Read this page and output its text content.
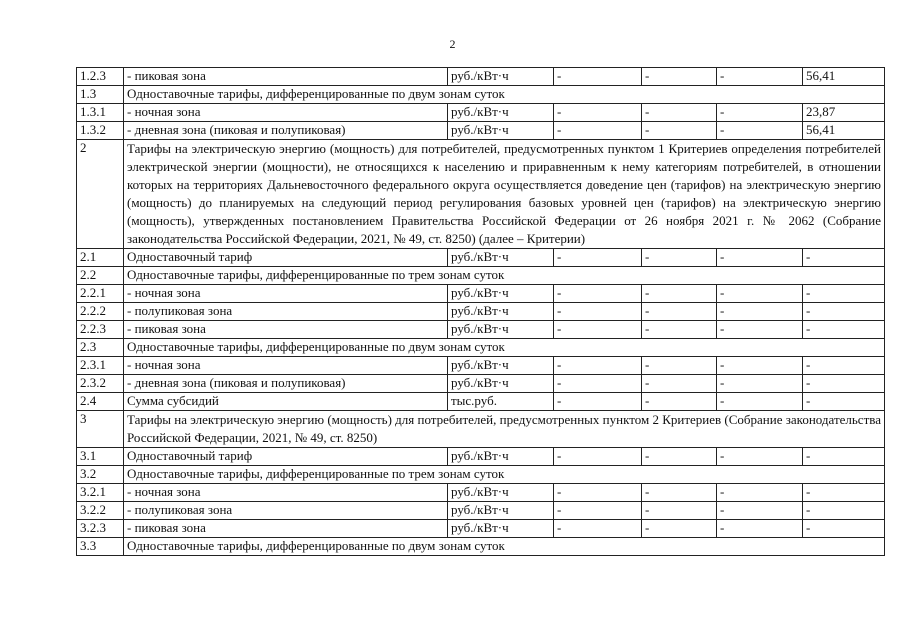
2
1.2.3	- пиковая зона	руб./кВт·ч	-	-	-	56,41
1.3	Одноставочные тарифы, дифференцированные по двум зонам суток					
1.3.1	- ночная зона	руб./кВт·ч	-	-	-	23,87
1.3.2	- дневная зона (пиковая и полупиковая)	руб./кВт·ч	-	-	-	56,41
2	Тарифы на электрическую энергию (мощность) для потребителей, предусмотренных пунктом 1 Критериев определения потребителей электрической энергии (мощности), не относящихся к населению и приравненным к нему категориям потребителей, в отношении которых на территориях Дальневосточного федерального округа осуществляется доведение цен (тарифов) на электрическую энергию (мощность) до планируемых на следующий период регулирования базовых уровней цен (тарифов) на электрическую энергию (мощность), утвержденных постановлением Правительства Российской Федерации от 26 ноября 2021 г. № 2062 (Собрание законодательства Российской Федерации, 2021, № 49, ст. 8250) (далее – Критерии)					
2.1	Одноставочный тариф	руб./кВт·ч	-	-	-	-
2.2	Одноставочные тарифы, дифференцированные по трем зонам суток					
2.2.1	- ночная зона	руб./кВт·ч	-	-	-	-
2.2.2	- полупиковая зона	руб./кВт·ч	-	-	-	-
2.2.3	- пиковая зона	руб./кВт·ч	-	-	-	-
2.3	Одноставочные тарифы, дифференцированные по двум зонам суток					
2.3.1	- ночная зона	руб./кВт·ч	-	-	-	-
2.3.2	- дневная зона (пиковая и полупиковая)	руб./кВт·ч	-	-	-	-
2.4	Сумма субсидий	тыс.руб.	-	-	-	-
3	Тарифы на электрическую энергию (мощность) для потребителей, предусмотренных пунктом 2 Критериев (Собрание законодательства Российской Федерации, 2021, № 49, ст. 8250)					
3.1	Одноставочный тариф	руб./кВт·ч	-	-	-	-
3.2	Одноставочные тарифы, дифференцированные по трем зонам суток					
3.2.1	- ночная зона	руб./кВт·ч	-	-	-	-
3.2.2	- полупиковая зона	руб./кВт·ч	-	-	-	-
3.2.3	- пиковая зона	руб./кВт·ч	-	-	-	-
3.3	Одноставочные тарифы, дифференцированные по двум зонам суток					
